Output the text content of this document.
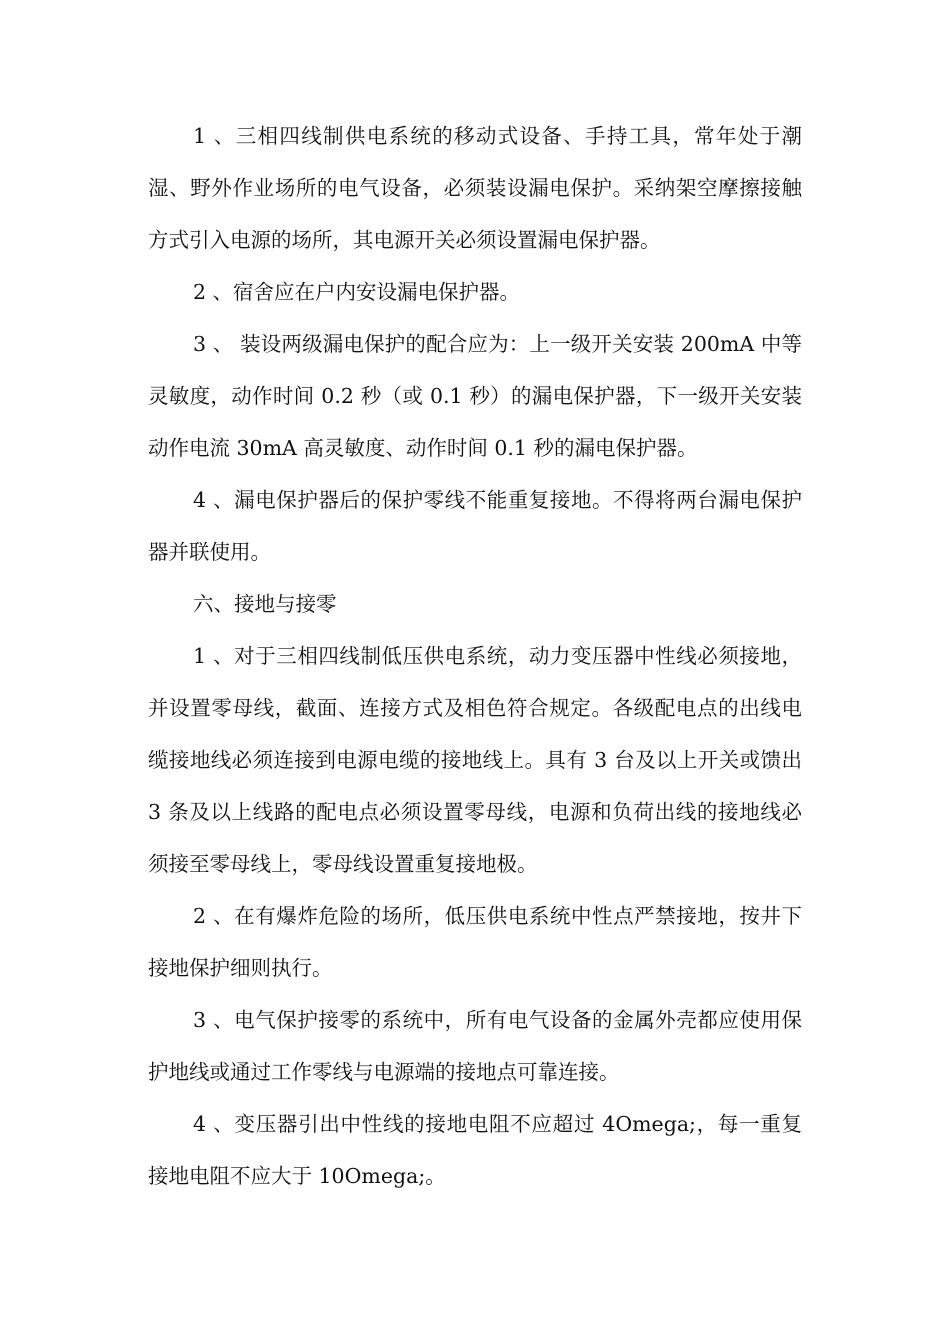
1 、三相四线制供电系统的移动式设备、手持工具，常年处于潮湿、野外作业场所的电气设备，必须装设漏电保护。采纳架空摩擦接触方式引入电源的场所，其电源开关必须设置漏电保护器。

2 、宿舍应在户内安设漏电保护器。

3 、 装设两级漏电保护的配合应为：上一级开关安装 200mA 中等灵敏度，动作时间 0.2 秒（或 0.1 秒）的漏电保护器，下一级开关安装动作电流 30mA 高灵敏度、动作时间 0.1 秒的漏电保护器。

4 、漏电保护器后的保护零线不能重复接地。不得将两台漏电保护器并联使用。

六、接地与接零

1 、对于三相四线制低压供电系统，动力变压器中性线必须接地，并设置零母线，截面、连接方式及相色符合规定。各级配电点的出线电缆接地线必须连接到电源电缆的接地线上。具有 3 台及以上开关或馈出 3 条及以上线路的配电点必须设置零母线，电源和负荷出线的接地线必须接至零母线上，零母线设置重复接地极。

2 、在有爆炸危险的场所，低压供电系统中性点严禁接地，按井下接地保护细则执行。

3 、电气保护接零的系统中，所有电气设备的金属外壳都应使用保护地线或通过工作零线与电源端的接地点可靠连接。

4 、变压器引出中性线的接地电阻不应超过 4Omega;，每一重复接地电阻不应大于 10Omega;。
